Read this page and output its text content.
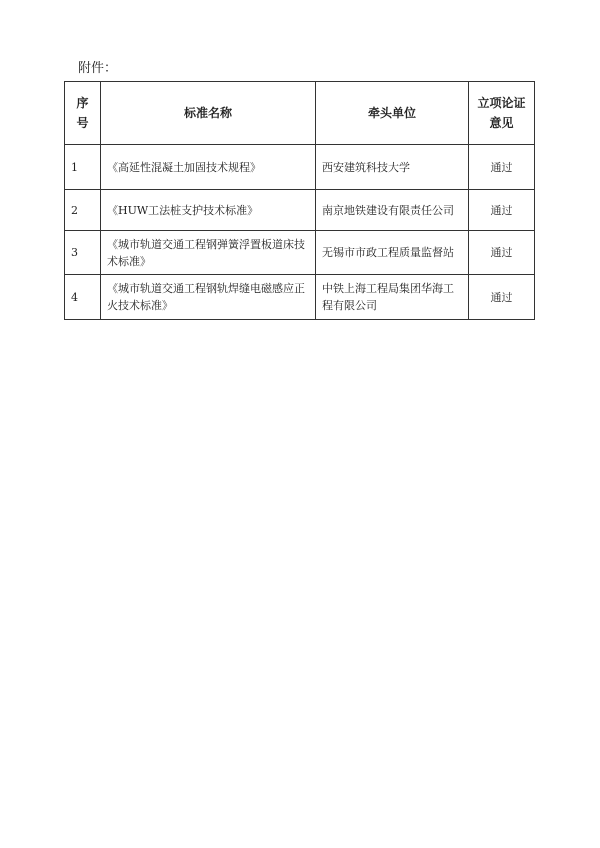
附件：
序号	标准名称	牵头单位	立项论证意见
1	《高延性混凝土加固技术规程》	西安建筑科技大学	通过
2	《HUW工法桩支护技术标准》	南京地铁建设有限责任公司	通过
3	《城市轨道交通工程钢弹簧浮置板道床技术标准》	无锡市市政工程质量监督站	通过
4	《城市轨道交通工程钢轨焊缝电磁感应正火技术标准》	中铁上海工程局集团华海工程有限公司	通过
